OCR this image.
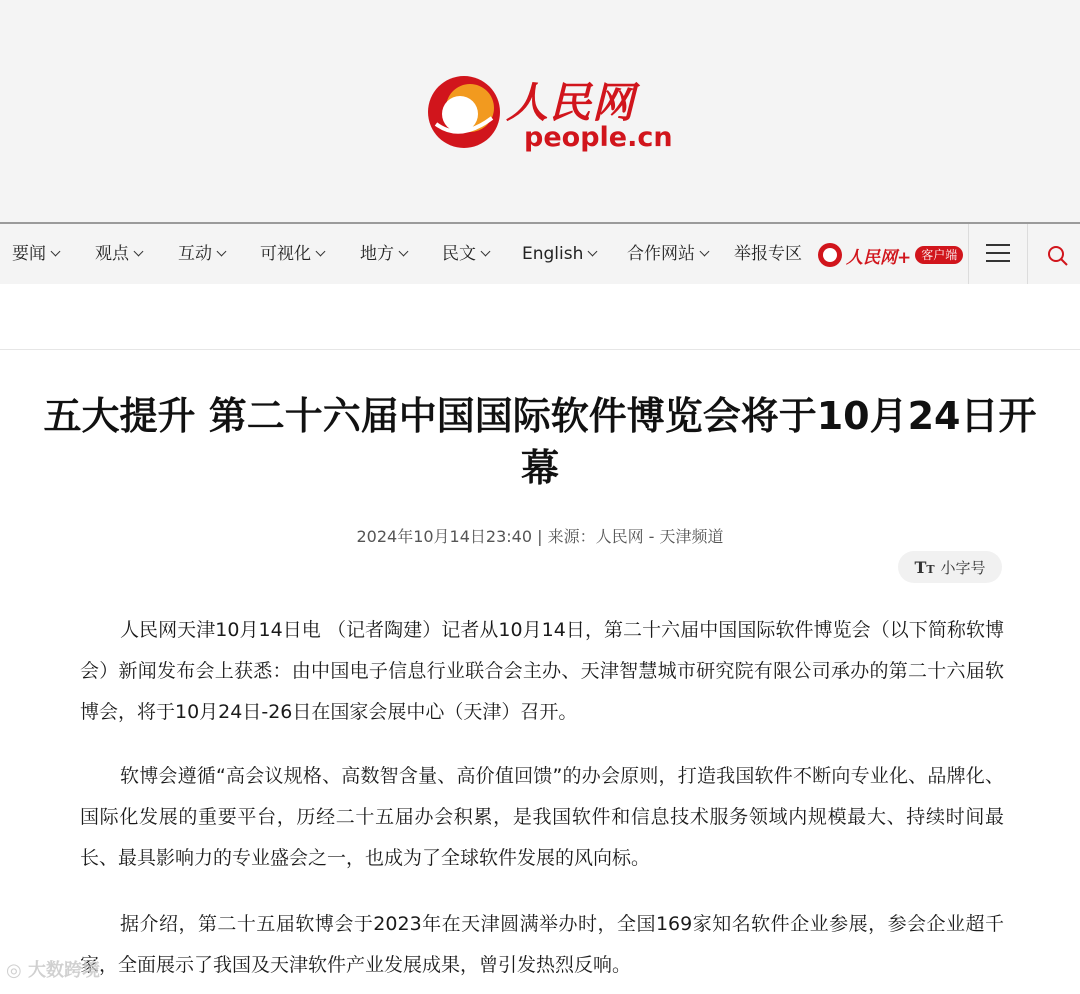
人民网
people.cn
要闻	观点	互动	可视化	地方	民文	English	合作网站	举报专区	人民网+ 客户端
五大提升 第二十六届中国国际软件博览会将于10月24日开幕
2024年10月14日23:40 | 来源：人民网 - 天津频道
TT 小字号

人民网天津10月14日电 （记者陶建）记者从10月14日，第二十六届中国国际软件博览会（以下简称软博会）新闻发布会上获悉：由中国电子信息行业联合会主办、天津智慧城市研究院有限公司承办的第二十六届软博会，将于10月24日-26日在国家会展中心（天津）召开。

软博会遵循“高会议规格、高数智含量、高价值回馈”的办会原则，打造我国软件不断向专业化、品牌化、国际化发展的重要平台，历经二十五届办会积累，是我国软件和信息技术服务领域内规模最大、持续时间最长、最具影响力的专业盛会之一，也成为了全球软件发展的风向标。

据介绍，第二十五届软博会于2023年在天津圆满举办时，全国169家知名软件企业参展，参会企业超千家，全面展示了我国及天津软件产业发展成果，曾引发热烈反响。

◎ 大数跨境
